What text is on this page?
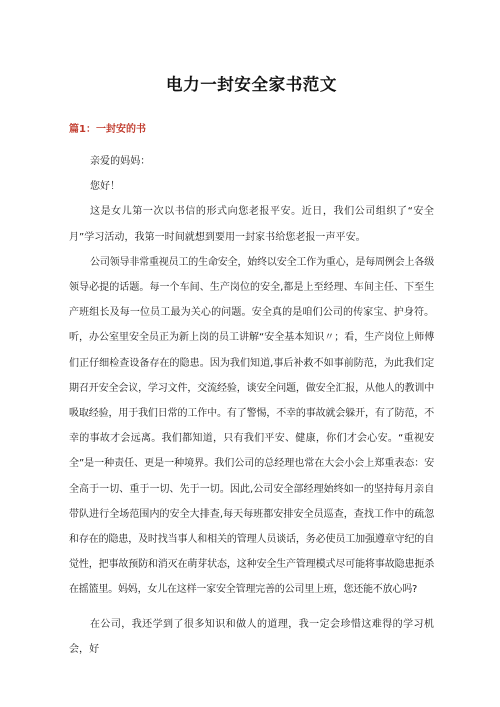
电力一封安全家书范文
篇1：一封安的书

亲爱的妈妈：

您好！

这是女儿第一次以书信的形式向您老报平安。近日，我们公司组织了“安全月”学习活动，我第一时间就想到要用一封家书给您老报一声平安。

公司领导非常重视员工的生命安全，始终以安全工作为重心，是每周例会上各级领导必提的话题。每一个车间、生产岗位的安全,都是上至经理、车间主任、下至生产班组长及每一位员工最为关心的问题。安全真的是咱们公司的传家宝、护身符。听，办公室里安全员正为新上岗的员工讲解“安全基本知识〃；看，生产岗位上师傅们正仔细检查设备存在的隐患。因为我们知道,事后补救不如事前防范，为此我们定期召开安全会议，学习文件，交流经验，谈安全问题，做安全汇报，从他人的教训中吸取经验，用于我们日常的工作中。有了警惕，不幸的事故就会躲开，有了防范，不幸的事故才会远离。我们都知道，只有我们平安、健康，你们才会心安。“重视安全”是一种责任、更是一种境界。我们公司的总经理也常在大会小会上郑重表态：安全高于一切、重于一切、先于一切。因此,公司安全部经理始终如一的坚持每月亲自带队进行全场范围内的安全大排查,每天每班都安排安全员巡查，查找工作中的疏忽和存在的隐患，及时找当事人和相关的管理人员谈话，务必使员工加强遵章守纪的自觉性，把事故预防和消灭在萌芽状态，这种安全生产管理模式尽可能将事故隐患扼杀在摇篮里。妈妈，女儿在这样一家安全管理完善的公司里上班，您还能不放心吗?

在公司，我还学到了很多知识和做人的道理，我一定会珍惜这难得的学习机会，好
